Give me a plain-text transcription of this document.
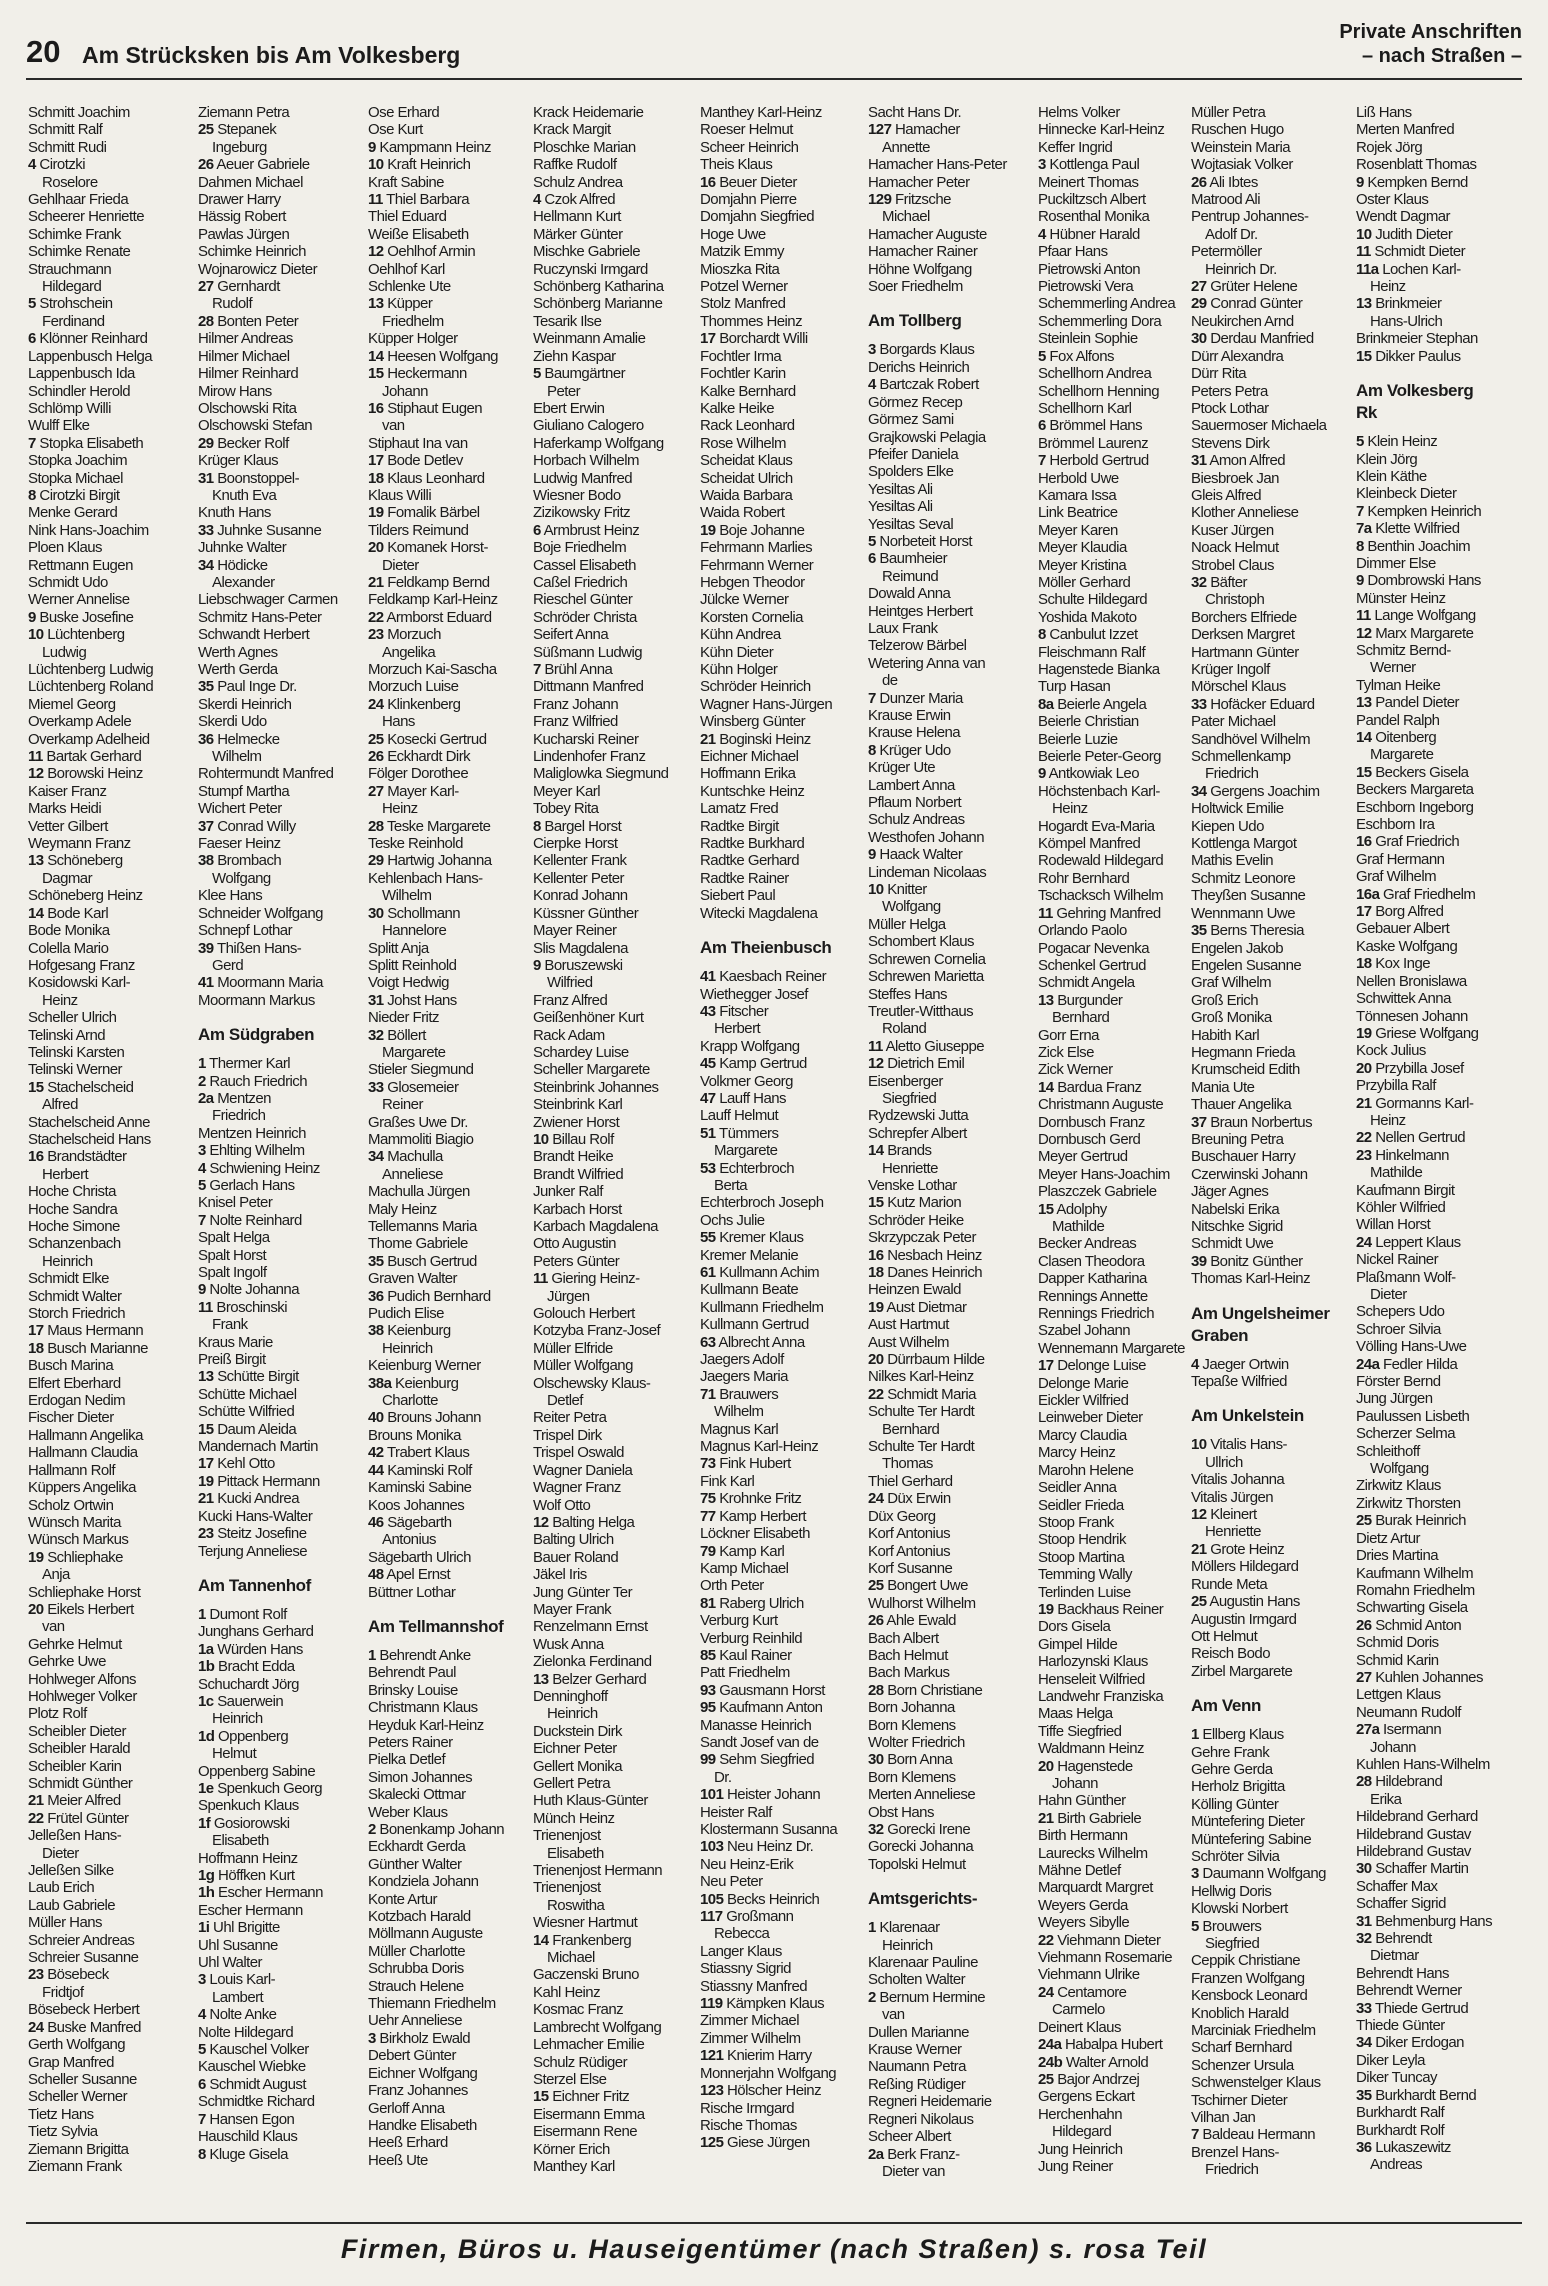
20 Am Strücksken bis Am Volkesberg
Private Anschriften
– nach Straßen –
Schmitt Joachim
Schmitt Ralf
Schmitt Rudi
4 Cirotzki
Roselore
Gehlhaar Frieda
Scheerer Henriette
Schimke Frank
Schimke Renate
Strauchmann
Hildegard
5 Strohschein
Ferdinand
6 Klönner Reinhard
Lappenbusch Helga
Lappenbusch Ida
Schindler Herold
Schlömp Willi
Wulff Elke
7 Stopka Elisabeth
Stopka Joachim
Stopka Michael
8 Cirotzki Birgit
Menke Gerard
Nink Hans-Joachim
Ploen Klaus
Rettmann Eugen
Schmidt Udo
Werner Annelise
9 Buske Josefine
10 Lüchtenberg
Ludwig
Lüchtenberg Ludwig
Lüchtenberg Roland
Miemel Georg
Overkamp Adele
Overkamp Adelheid
11 Bartak Gerhard
12 Borowski Heinz
Kaiser Franz
Marks Heidi
Vetter Gilbert
Weymann Franz
13 Schöneberg
Dagmar
Schöneberg Heinz
14 Bode Karl
Bode Monika
Colella Mario
Hofgesang Franz
Kosidowski Karl-
Heinz
Scheller Ulrich
Telinski Arnd
Telinski Karsten
Telinski Werner
15 Stachelscheid
Alfred
Stachelscheid Anne
Stachelscheid Hans
16 Brandstädter
Herbert
Hoche Christa
Hoche Sandra
Hoche Simone
Schanzenbach
Heinrich
Schmidt Elke
Schmidt Walter
Storch Friedrich
17 Maus Hermann
18 Busch Marianne
Busch Marina
Elfert Eberhard
Erdogan Nedim
Fischer Dieter
Hallmann Angelika
Hallmann Claudia
Hallmann Rolf
Küppers Angelika
Scholz Ortwin
Wünsch Marita
Wünsch Markus
19 Schliephake
Anja
Schliephake Horst
20 Eikels Herbert
van
Gehrke Helmut
Gehrke Uwe
Hohlweger Alfons
Hohlweger Volker
Plotz Rolf
Scheibler Dieter
Scheibler Harald
Scheibler Karin
Schmidt Günther
21 Meier Alfred
22 Frütel Günter
Jelleßen Hans-
Dieter
Jelleßen Silke
Laub Erich
Laub Gabriele
Müller Hans
Schreier Andreas
Schreier Susanne
23 Bösebeck
Fridtjof
Bösebeck Herbert
24 Buske Manfred
Gerth Wolfgang
Grap Manfred
Scheller Susanne
Scheller Werner
Tietz Hans
Tietz Sylvia
Ziemann Brigitta
Ziemann Frank
Ziemann Petra
25 Stepanek
Ingeburg
26 Aeuer Gabriele
Dahmen Michael
Drawer Harry
Hässig Robert
Pawlas Jürgen
Schimke Heinrich
Wojnarowicz Dieter
27 Gernhardt
Rudolf
28 Bonten Peter
Hilmer Andreas
Hilmer Michael
Hilmer Reinhard
Mirow Hans
Olschowski Rita
Olschowski Stefan
29 Becker Rolf
Krüger Klaus
31 Boonstoppel-
Knuth Eva
Knuth Hans
33 Juhnke Susanne
Juhnke Walter
34 Hödicke
Alexander
Liebschwager Carmen
Schmitz Hans-Peter
Schwandt Herbert
Werth Agnes
Werth Gerda
35 Paul Inge Dr.
Skerdi Heinrich
Skerdi Udo
36 Helmecke
Wilhelm
Rohtermundt Manfred
Stumpf Martha
Wichert Peter
37 Conrad Willy
Faeser Heinz
38 Brombach
Wolfgang
Klee Hans
Schneider Wolfgang
Schnepf Lothar
39 Thißen Hans-
Gerd
41 Moormann Maria
Moormann Markus
Am Südgraben
1 Thermer Karl
2 Rauch Friedrich
2a Mentzen
Friedrich
Mentzen Heinrich
3 Ehlting Wilhelm
4 Schwiening Heinz
5 Gerlach Hans
Knisel Peter
7 Nolte Reinhard
Spalt Helga
Spalt Horst
Spalt Ingolf
9 Nolte Johanna
11 Broschinski
Frank
Kraus Marie
Preiß Birgit
13 Schütte Birgit
Schütte Michael
Schütte Wilfried
15 Daum Aleida
Mandernach Martin
17 Kehl Otto
19 Pittack Hermann
21 Kucki Andrea
Kucki Hans-Walter
23 Steitz Josefine
Terjung Anneliese
Am Tannenhof
1 Dumont Rolf
Junghans Gerhard
1a Würden Hans
1b Bracht Edda
Schuchardt Jörg
1c Sauerwein
Heinrich
1d Oppenberg
Helmut
Oppenberg Sabine
1e Spenkuch Georg
Spenkuch Klaus
1f Gosiorowski
Elisabeth
Hoffmann Heinz
1g Höffken Kurt
1h Escher Hermann
Escher Hermann
1i Uhl Brigitte
Uhl Susanne
Uhl Walter
3 Louis Karl-
Lambert
4 Nolte Anke
Nolte Hildegard
5 Kauschel Volker
Kauschel Wiebke
6 Schmidt August
Schmidtke Richard
7 Hansen Egon
Hauschild Klaus
8 Kluge Gisela
Ose Erhard
Ose Kurt
9 Kampmann Heinz
10 Kraft Heinrich
Kraft Sabine
11 Thiel Barbara
Thiel Eduard
Weiße Elisabeth
12 Oehlhof Armin
Oehlhof Karl
Schlenke Ute
13 Küpper
Friedhelm
Küpper Holger
14 Heesen Wolfgang
15 Heckermann
Johann
16 Stiphaut Eugen
van
Stiphaut Ina van
17 Bode Detlev
18 Klaus Leonhard
Klaus Willi
19 Fomalik Bärbel
Tilders Reimund
20 Komanek Horst-
Dieter
21 Feldkamp Bernd
Feldkamp Karl-Heinz
22 Armborst Eduard
23 Morzuch
Angelika
Morzuch Kai-Sascha
Morzuch Luise
24 Klinkenberg
Hans
25 Kosecki Gertrud
26 Eckhardt Dirk
Fölger Dorothee
27 Mayer Karl-
Heinz
28 Teske Margarete
Teske Reinhold
29 Hartwig Johanna
Kehlenbach Hans-
Wilhelm
30 Schollmann
Hannelore
Splitt Anja
Splitt Reinhold
Voigt Hedwig
31 Johst Hans
Nieder Fritz
32 Böllert
Margarete
Stieler Siegmund
33 Glosemeier
Reiner
Graßes Uwe Dr.
Mammoliti Biagio
34 Machulla
Anneliese
Machulla Jürgen
Maly Heinz
Tellemanns Maria
Thome Gabriele
35 Busch Gertrud
Graven Walter
36 Pudich Bernhard
Pudich Elise
38 Keienburg
Heinrich
Keienburg Werner
38a Keienburg
Charlotte
40 Brouns Johann
Brouns Monika
42 Trabert Klaus
44 Kaminski Rolf
Kaminski Sabine
Koos Johannes
46 Sägebarth
Antonius
Sägebarth Ulrich
48 Apel Ernst
Büttner Lothar
Am Tellmannshof
1 Behrendt Anke
Behrendt Paul
Brinsky Louise
Christmann Klaus
Heyduk Karl-Heinz
Peters Rainer
Pielka Detlef
Simon Johannes
Skalecki Ottmar
Weber Klaus
2 Bonenkamp Johann
Eckhardt Gerda
Günther Walter
Kondziela Johann
Konte Artur
Kotzbach Harald
Möllmann Auguste
Müller Charlotte
Schrubba Doris
Strauch Helene
Thiemann Friedhelm
Uehr Anneliese
3 Birkholz Ewald
Debert Günter
Eichner Wolfgang
Franz Johannes
Gerloff Anna
Handke Elisabeth
Heeß Erhard
Heeß Ute
Krack Heidemarie
Krack Margit
Ploschke Marian
Raffke Rudolf
Schulz Andrea
4 Czok Alfred
Hellmann Kurt
Märker Günter
Mischke Gabriele
Ruczynski Irmgard
Schönberg Katharina
Schönberg Marianne
Tesarik Ilse
Weinmann Amalie
Ziehn Kaspar
5 Baumgärtner
Peter
Ebert Erwin
Giuliano Calogero
Haferkamp Wolfgang
Horbach Wilhelm
Ludwig Manfred
Wiesner Bodo
Zizikowsky Fritz
6 Armbrust Heinz
Boje Friedhelm
Cassel Elisabeth
Caßel Friedrich
Rieschel Günter
Schröder Christa
Seifert Anna
Süßmann Ludwig
7 Brühl Anna
Dittmann Manfred
Franz Johann
Franz Wilfried
Kucharski Reiner
Lindenhofer Franz
Maliglowka Siegmund
Meyer Karl
Tobey Rita
8 Bargel Horst
Cierpke Horst
Kellenter Frank
Kellenter Peter
Konrad Johann
Küssner Günther
Mayer Reiner
Slis Magdalena
9 Boruszewski
Wilfried
Franz Alfred
Geißenhöner Kurt
Rack Adam
Schardey Luise
Scheller Margarete
Steinbrink Johannes
Steinbrink Karl
Zwiener Horst
10 Billau Rolf
Brandt Heike
Brandt Wilfried
Junker Ralf
Karbach Horst
Karbach Magdalena
Otto Augustin
Peters Günter
11 Giering Heinz-
Jürgen
Golouch Herbert
Kotzyba Franz-Josef
Müller Elfride
Müller Wolfgang
Olschewsky Klaus-
Detlef
Reiter Petra
Trispel Dirk
Trispel Oswald
Wagner Daniela
Wagner Franz
Wolf Otto
12 Balting Helga
Balting Ulrich
Bauer Roland
Jäkel Iris
Jung Günter Ter
Mayer Frank
Renzelmann Ernst
Wusk Anna
Zielonka Ferdinand
13 Belzer Gerhard
Denninghoff
Heinrich
Duckstein Dirk
Eichner Peter
Gellert Monika
Gellert Petra
Huth Klaus-Günter
Münch Heinz
Trienenjost
Elisabeth
Trienenjost Hermann
Trienenjost
Roswitha
Wiesner Hartmut
14 Frankenberg
Michael
Gaczenski Bruno
Kahl Heinz
Kosmac Franz
Lambrecht Wolfgang
Lehmacher Emilie
Schulz Rüdiger
Sterzel Else
15 Eichner Fritz
Eisermann Emma
Eisermann Rene
Körner Erich
Manthey Karl
Manthey Karl-Heinz
Roeser Helmut
Scheer Heinrich
Theis Klaus
16 Beuer Dieter
Domjahn Pierre
Domjahn Siegfried
Hoge Uwe
Matzik Emmy
Mioszka Rita
Potzel Werner
Stolz Manfred
Thommes Heinz
17 Borchardt Willi
Fochtler Irma
Fochtler Karin
Kalke Bernhard
Kalke Heike
Rack Leonhard
Rose Wilhelm
Scheidat Klaus
Scheidat Ulrich
Waida Barbara
Waida Robert
19 Boje Johanne
Fehrmann Marlies
Fehrmann Werner
Hebgen Theodor
Jülcke Werner
Korsten Cornelia
Kühn Andrea
Kühn Dieter
Kühn Holger
Schröder Heinrich
Wagner Hans-Jürgen
Winsberg Günter
21 Boginski Heinz
Eichner Michael
Hoffmann Erika
Kuntschke Heinz
Lamatz Fred
Radtke Birgit
Radtke Burkhard
Radtke Gerhard
Radtke Rainer
Siebert Paul
Witecki Magdalena
Am Theienbusch
41 Kaesbach Reiner
Wiethegger Josef
43 Fitscher
Herbert
Krapp Wolfgang
45 Kamp Gertrud
Volkmer Georg
47 Lauff Hans
Lauff Helmut
51 Tümmers
Margarete
53 Echterbroch
Berta
Echterbroch Joseph
Ochs Julie
55 Kremer Klaus
Kremer Melanie
61 Kullmann Achim
Kullmann Beate
Kullmann Friedhelm
Kullmann Gertrud
63 Albrecht Anna
Jaegers Adolf
Jaegers Maria
71 Brauwers
Wilhelm
Magnus Karl
Magnus Karl-Heinz
73 Fink Hubert
Fink Karl
75 Krohnke Fritz
77 Kamp Herbert
Löckner Elisabeth
79 Kamp Karl
Kamp Michael
Orth Peter
81 Raberg Ulrich
Verburg Kurt
Verburg Reinhild
85 Kaul Rainer
Patt Friedhelm
93 Gausmann Horst
95 Kaufmann Anton
Manasse Heinrich
Sandt Josef van de
99 Sehm Siegfried
Dr.
101 Heister Johann
Heister Ralf
Klostermann Susanna
103 Neu Heinz Dr.
Neu Heinz-Erik
Neu Peter
105 Becks Heinrich
117 Großmann
Rebecca
Langer Klaus
Stiassny Sigrid
Stiassny Manfred
119 Kämpken Klaus
Zimmer Michael
Zimmer Wilhelm
121 Knierim Harry
Monnerjahn Wolfgang
123 Hölscher Heinz
Rische Irmgard
Rische Thomas
125 Giese Jürgen
Sacht Hans Dr.
127 Hamacher
Annette
Hamacher Hans-Peter
Hamacher Peter
129 Fritzsche
Michael
Hamacher Auguste
Hamacher Rainer
Höhne Wolfgang
Soer Friedhelm
Am Tollberg
3 Borgards Klaus
Derichs Heinrich
4 Bartczak Robert
Görmez Recep
Görmez Sami
Grajkowski Pelagia
Pfeifer Daniela
Spolders Elke
Yesiltas Ali
Yesiltas Ali
Yesiltas Seval
5 Norbeteit Horst
6 Baumheier
Reimund
Dowald Anna
Heintges Herbert
Laux Frank
Telzerow Bärbel
Wetering Anna van
de
7 Dunzer Maria
Krause Erwin
Krause Helena
8 Krüger Udo
Krüger Ute
Lambert Anna
Pflaum Norbert
Schulz Andreas
Westhofen Johann
9 Haack Walter
Lindeman Nicolaas
10 Knitter
Wolfgang
Müller Helga
Schombert Klaus
Schrewen Cornelia
Schrewen Marietta
Steffes Hans
Treutler-Witthaus
Roland
11 Aletto Giuseppe
12 Dietrich Emil
Eisenberger
Siegfried
Rydzewski Jutta
Schrepfer Albert
14 Brands
Henriette
Venske Lothar
15 Kutz Marion
Schröder Heike
Skrzypczak Peter
16 Nesbach Heinz
18 Danes Heinrich
Heinzen Ewald
19 Aust Dietmar
Aust Hartmut
Aust Wilhelm
20 Dürrbaum Hilde
Nilkes Karl-Heinz
22 Schmidt Maria
Schulte Ter Hardt
Bernhard
Schulte Ter Hardt
Thomas
Thiel Gerhard
24 Düx Erwin
Düx Georg
Korf Antonius
Korf Antonius
Korf Susanne
25 Bongert Uwe
Wulhorst Wilhelm
26 Ahle Ewald
Bach Albert
Bach Helmut
Bach Markus
28 Born Christiane
Born Johanna
Born Klemens
Wolter Friedrich
30 Born Anna
Born Klemens
Merten Anneliese
Obst Hans
32 Gorecki Irene
Gorecki Johanna
Topolski Helmut
Amtsgerichts-
1 Klarenaar
Heinrich
Klarenaar Pauline
Scholten Walter
2 Bernum Hermine
van
Dullen Marianne
Krause Werner
Naumann Petra
Reßing Rüdiger
Regneri Heidemarie
Regneri Nikolaus
Scheer Albert
2a Berk Franz-
Dieter van
Helms Volker
Hinnecke Karl-Heinz
Keffer Ingrid
3 Kottlenga Paul
Meinert Thomas
Puckiltzsch Albert
Rosenthal Monika
4 Hübner Harald
Pfaar Hans
Pietrowski Anton
Pietrowski Vera
Schemmerling Andrea
Schemmerling Dora
Steinlein Sophie
5 Fox Alfons
Schellhorn Andrea
Schellhorn Henning
Schellhorn Karl
6 Brömmel Hans
Brömmel Laurenz
7 Herbold Gertrud
Herbold Uwe
Kamara Issa
Link Beatrice
Meyer Karen
Meyer Klaudia
Meyer Kristina
Möller Gerhard
Schulte Hildegard
Yoshida Makoto
8 Canbulut Izzet
Fleischmann Ralf
Hagenstede Bianka
Turp Hasan
8a Beierle Angela
Beierle Christian
Beierle Luzie
Beierle Peter-Georg
9 Antkowiak Leo
Höchstenbach Karl-
Heinz
Hogardt Eva-Maria
Kömpel Manfred
Rodewald Hildegard
Rohr Bernhard
Tschacksch Wilhelm
11 Gehring Manfred
Orlando Paolo
Pogacar Nevenka
Schenkel Gertrud
Schmidt Angela
13 Burgunder
Bernhard
Gorr Erna
Zick Else
Zick Werner
14 Bardua Franz
Christmann Auguste
Dornbusch Franz
Dornbusch Gerd
Meyer Gertrud
Meyer Hans-Joachim
Plaszczek Gabriele
15 Adolphy
Mathilde
Becker Andreas
Clasen Theodora
Dapper Katharina
Rennings Annette
Rennings Friedrich
Szabel Johann
Wennemann Margarete
17 Delonge Luise
Delonge Marie
Eickler Wilfried
Leinweber Dieter
Marcy Claudia
Marcy Heinz
Marohn Helene
Seidler Anna
Seidler Frieda
Stoop Frank
Stoop Hendrik
Stoop Martina
Temming Wally
Terlinden Luise
19 Backhaus Reiner
Dors Gisela
Gimpel Hilde
Harlozynski Klaus
Henseleit Wilfried
Landwehr Franziska
Maas Helga
Tiffe Siegfried
Waldmann Heinz
20 Hagenstede
Johann
Hahn Günther
21 Birth Gabriele
Birth Hermann
Laurecks Wilhelm
Mähne Detlef
Marquardt Margret
Weyers Gerda
Weyers Sibylle
22 Viehmann Dieter
Viehmann Rosemarie
Viehmann Ulrike
24 Centamore
Carmelo
Deinert Klaus
24a Habalpa Hubert
24b Walter Arnold
25 Bajor Andrzej
Gergens Eckart
Herchenhahn
Hildegard
Jung Heinrich
Jung Reiner
Müller Petra
Ruschen Hugo
Weinstein Maria
Wojtasiak Volker
26 Ali Ibtes
Matrood Ali
Pentrup Johannes-
Adolf Dr.
Petermöller
Heinrich Dr.
27 Grüter Helene
29 Conrad Günter
Neukirchen Arnd
30 Derdau Manfried
Dürr Alexandra
Dürr Rita
Peters Petra
Ptock Lothar
Sauermoser Michaela
Stevens Dirk
31 Amon Alfred
Biesbroek Jan
Gleis Alfred
Klother Anneliese
Kuser Jürgen
Noack Helmut
Strobel Claus
32 Bäfter
Christoph
Borchers Elfriede
Derksen Margret
Hartmann Günter
Krüger Ingolf
Mörschel Klaus
33 Hofäcker Eduard
Pater Michael
Sandhövel Wilhelm
Schmellenkamp
Friedrich
34 Gergens Joachim
Holtwick Emilie
Kiepen Udo
Kottlenga Margot
Mathis Evelin
Schmitz Leonore
Theyßen Susanne
Wennmann Uwe
35 Berns Theresia
Engelen Jakob
Engelen Susanne
Graf Wilhelm
Groß Erich
Groß Monika
Habith Karl
Hegmann Frieda
Krumscheid Edith
Mania Ute
Thauer Angelika
37 Braun Norbertus
Breuning Petra
Buschauer Harry
Czerwinski Johann
Jäger Agnes
Nabelski Erika
Nitschke Sigrid
Schmidt Uwe
39 Bonitz Günther
Thomas Karl-Heinz
Am Ungelsheimer
Graben
4 Jaeger Ortwin
Tepaße Wilfried
Am Unkelstein
10 Vitalis Hans-
Ullrich
Vitalis Johanna
Vitalis Jürgen
12 Kleinert
Henriette
21 Grote Heinz
Möllers Hildegard
Runde Meta
25 Augustin Hans
Augustin Irmgard
Ott Helmut
Reisch Bodo
Zirbel Margarete
Am Venn
1 Ellberg Klaus
Gehre Frank
Gehre Gerda
Herholz Brigitta
Kölling Günter
Müntefering Dieter
Müntefering Sabine
Schröter Silvia
3 Daumann Wolfgang
Hellwig Doris
Klowski Norbert
5 Brouwers
Siegfried
Ceppik Christiane
Franzen Wolfgang
Kensbock Leonard
Knoblich Harald
Marciniak Friedhelm
Scharf Bernhard
Schenzer Ursula
Schwenstelger Klaus
Tschirner Dieter
Vilhan Jan
7 Baldeau Hermann
Brenzel Hans-
Friedrich
Liß Hans
Merten Manfred
Rojek Jörg
Rosenblatt Thomas
9 Kempken Bernd
Oster Klaus
Wendt Dagmar
10 Judith Dieter
11 Schmidt Dieter
11a Lochen Karl-
Heinz
13 Brinkmeier
Hans-Ulrich
Brinkmeier Stephan
15 Dikker Paulus
Am Volkesberg
Rk
5 Klein Heinz
Klein Jörg
Klein Käthe
Kleinbeck Dieter
7 Kempken Heinrich
7a Klette Wilfried
8 Benthin Joachim
Dimmer Else
9 Dombrowski Hans
Münster Heinz
11 Lange Wolfgang
12 Marx Margarete
Schmitz Bernd-
Werner
Tylman Heike
13 Pandel Dieter
Pandel Ralph
14 Oitenberg
Margarete
15 Beckers Gisela
Beckers Margareta
Eschborn Ingeborg
Eschborn Ira
16 Graf Friedrich
Graf Hermann
Graf Wilhelm
16a Graf Friedhelm
17 Borg Alfred
Gebauer Albert
Kaske Wolfgang
18 Kox Inge
Nellen Bronislawa
Schwittek Anna
Tönnesen Johann
19 Griese Wolfgang
Kock Julius
20 Przybilla Josef
Przybilla Ralf
21 Gormanns Karl-
Heinz
22 Nellen Gertrud
23 Hinkelmann
Mathilde
Kaufmann Birgit
Köhler Wilfried
Willan Horst
24 Leppert Klaus
Nickel Rainer
Plaßmann Wolf-
Dieter
Schepers Udo
Schroer Silvia
Völling Hans-Uwe
24a Fedler Hilda
Förster Bernd
Jung Jürgen
Paulussen Lisbeth
Scherzer Selma
Schleithoff
Wolfgang
Zirkwitz Klaus
Zirkwitz Thorsten
25 Burak Heinrich
Dietz Artur
Dries Martina
Kaufmann Wilhelm
Romahn Friedhelm
Schwarting Gisela
26 Schmid Anton
Schmid Doris
Schmid Karin
27 Kuhlen Johannes
Lettgen Klaus
Neumann Rudolf
27a Isermann
Johann
Kuhlen Hans-Wilhelm
28 Hildebrand
Erika
Hildebrand Gerhard
Hildebrand Gustav
Hildebrand Gustav
30 Schaffer Martin
Schaffer Max
Schaffer Sigrid
31 Behmenburg Hans
32 Behrendt
Dietmar
Behrendt Hans
Behrendt Werner
33 Thiede Gertrud
Thiede Günter
34 Diker Erdogan
Diker Leyla
Diker Tuncay
35 Burkhardt Bernd
Burkhardt Ralf
Burkhardt Rolf
36 Lukaszewitz
Andreas
Firmen, Büros u. Hauseigentümer (nach Straßen) s. rosa Teil
